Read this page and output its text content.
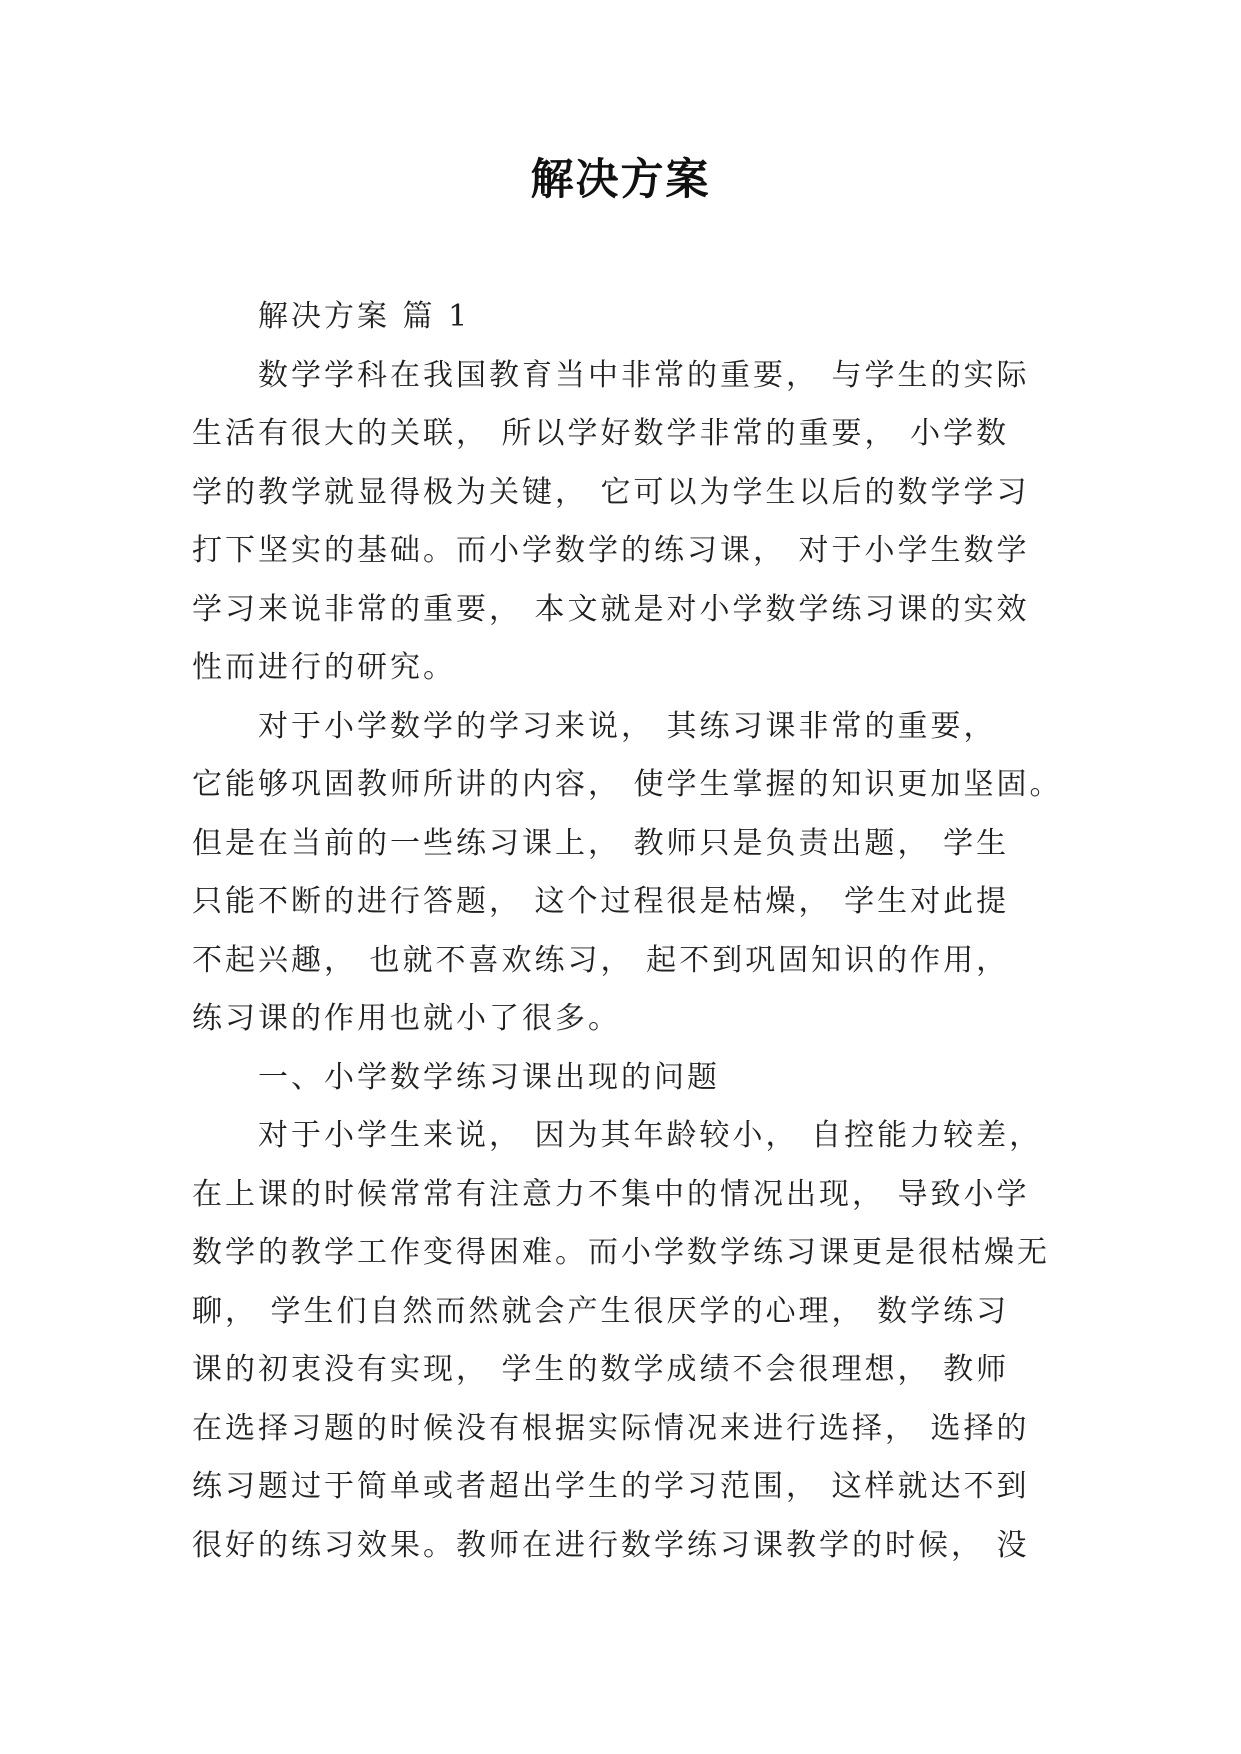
解决方案

解决方案 篇 1

数学学科在我国教育当中非常的重要， 与学生的实际
生活有很大的关联， 所以学好数学非常的重要， 小学数
学的教学就显得极为关键， 它可以为学生以后的数学学习
打下坚实的基础。而小学数学的练习课， 对于小学生数学
学习来说非常的重要， 本文就是对小学数学练习课的实效
性而进行的研究。

对于小学数学的学习来说， 其练习课非常的重要，
它能够巩固教师所讲的内容， 使学生掌握的知识更加坚固。
但是在当前的一些练习课上， 教师只是负责出题， 学生
只能不断的进行答题， 这个过程很是枯燥， 学生对此提
不起兴趣， 也就不喜欢练习， 起不到巩固知识的作用，
练习课的作用也就小了很多。

一、小学数学练习课出现的问题

对于小学生来说， 因为其年龄较小， 自控能力较差，
在上课的时候常常有注意力不集中的情况出现， 导致小学
数学的教学工作变得困难。而小学数学练习课更是很枯燥无
聊， 学生们自然而然就会产生很厌学的心理， 数学练习
课的初衷没有实现， 学生的数学成绩不会很理想， 教师
在选择习题的时候没有根据实际情况来进行选择， 选择的
练习题过于简单或者超出学生的学习范围， 这样就达不到
很好的练习效果。教师在进行数学练习课教学的时候， 没
